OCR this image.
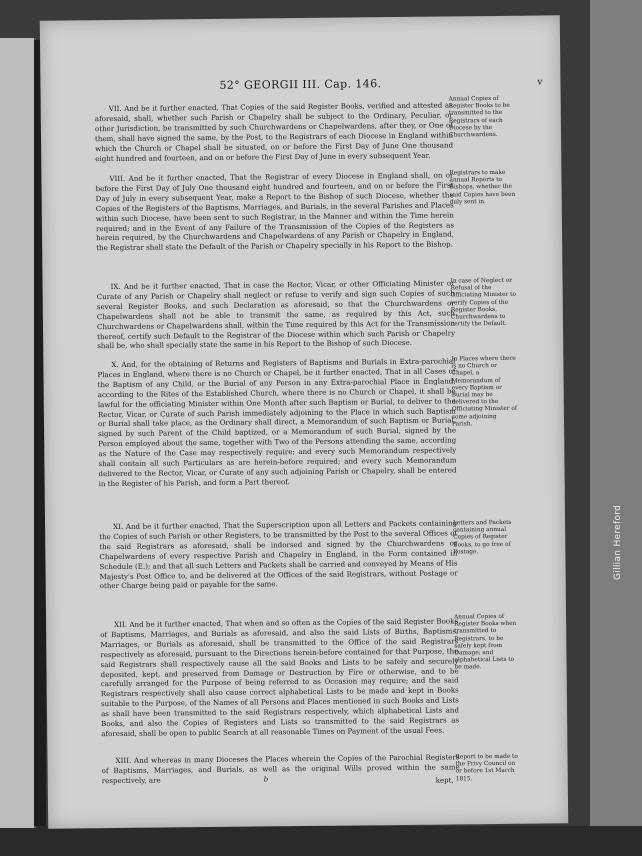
Gillian Hereford
52° GEORGII III. Cap. 146.	v
VII. And be it further enacted, That Copies of the said Register Books, verified and attested as aforesaid, shall, whether such Parish or Chapelry shall be subject to the Ordinary, Peculiar, or other Jurisdiction, be transmitted by such Churchwardens or Chapelwardens, after they, or One of them, shall have signed the same, by the Post, to the Registrars of each Diocese in England within which the Church or Chapel shall be situated, on or before the First Day of June One thousand eight hundred and fourteen, and on or before the First Day of June in every subsequent Year.
Annual Copies of Register Books to be transmitted to the Registrars of each Diocese by the Churchwardens.
VIII. And be it further enacted, That the Registrar of every Diocese in England shall, on or before the First Day of July One thousand eight hundred and fourteen, and on or before the First Day of July in every subsequent Year, make a Report to the Bishop of such Diocese, whether the Copies of the Registers of the Baptisms, Marriages, and Burials, in the several Parishes and Places within such Diocese, have been sent to such Registrar, in the Manner and within the Time herein required; and in the Event of any Failure of the Transmission of the Copies of the Registers as herein required, by the Churchwardens and Chapelwardens of any Parish or Chapelry in England, the Registrar shall state the Default of the Parish or Chapelry specially in his Report to the Bishop.
Registrars to make annual Reports to Bishops, whether the said Copies have been duly sent in.
IX. And be it further enacted, That in case the Rector, Vicar, or other Officiating Minister or Curate of any Parish or Chapelry shall neglect or refuse to verify and sign such Copies of such several Register Books, and such Declaration as aforesaid, so that the Churchwardens or Chapelwardens shall not be able to transmit the same, as required by this Act, such Churchwardens or Chapelwardens shall, within the Time required by this Act for the Transmission thereof, certify such Default to the Registrar of the Diocese within which such Parish or Chapelry shall be, who shall specially state the same in his Report to the Bishop of such Diocese.
In case of Neglect or Refusal of the Officiating Minister to verify Copies of the Register Books, Churchwardens to certify the Default.
X. And, for the obtaining of Returns and Registers of Baptisms and Burials in Extra-parochial Places in England, where there is no Church or Chapel, be it further enacted, That in all Cases of the Baptism of any Child, or the Burial of any Person in any Extra-parochial Place in England, according to the Rites of the Established Church, where there is no Church or Chapel, it shall be lawful for the officiating Minister within One Month after such Baptism or Burial, to deliver to the Rector, Vicar, or Curate of such Parish immediately adjoining to the Place in which such Baptism or Burial shall take place, as the Ordinary shall direct, a Memorandum of such Baptism or Burial, signed by such Parent of the Child baptized, or a Memorandum of such Burial, signed by the Person employed about the same, together with Two of the Persons attending the same, according as the Nature of the Case may respectively require; and every such Memorandum respectively shall contain all such Particulars as are herein-before required; and every such Memorandum delivered to the Rector, Vicar, or Curate of any such adjoining Parish or Chapelry, shall be entered in the Register of his Parish, and form a Part thereof.
In Places where there is no Church or Chapel, a Memorandum of every Baptism or Burial may be delivered to the Officiating Minister of some adjoining Parish.
XI. And be it further enacted, That the Superscription upon all Letters and Packets containing the Copies of such Parish or other Registers, to be transmitted by the Post to the several Offices of the said Registrars as aforesaid, shall be indorsed and signed by the Churchwardens or Chapelwardens of every respective Parish and Chapelry in England, in the Form contained in Schedule (E.); and that all such Letters and Packets shall be carried and conveyed by Means of His Majesty's Post Office to, and be delivered at the Offices of the said Registrars, without Postage or other Charge being paid or payable for the same.
Letters and Packets containing annual Copies of Register Books, to go free of Postage.
XII. And be it further enacted, That when and so often as the Copies of the said Register Books of Baptisms, Marriages, and Burials as aforesaid, and also the said Lists of Births, Baptisms, Marriages, or Burials as aforesaid, shall be transmitted to the Office of the said Registrars respectively as aforesaid, pursuant to the Directions herein-before contained for that Purpose, the said Registrars shall respectively cause all the said Books and Lists to be safely and securely deposited, kept, and preserved from Damage or Destruction by Fire or otherwise, and to be carefully arranged for the Purpose of being referred to as Occasion may require; and the said Registrars respectively shall also cause correct alphabetical Lists to be made and kept in Books suitable to the Purpose, of the Names of all Persons and Places mentioned in such Books and Lists as shall have been transmitted to the said Registrars respectively, which alphabetical Lists and Books, and also the Copies of Registers and Lists so transmitted to the said Registrars as aforesaid, shall be open to public Search at all reasonable Times on Payment of the usual Fees.
Annual Copies of Register Books when transmitted to Registrars, to be safely kept from Damage; and alphabetical Lists to be made.
XIII. And whereas in many Dioceses the Places wherein the Copies of the Parochial Registers of Baptisms, Marriages, and Burials, as well as the original Wills proved within the same respectively, are
Report to be made to the Privy Council on or before 1st March 1815.
b	kept,
